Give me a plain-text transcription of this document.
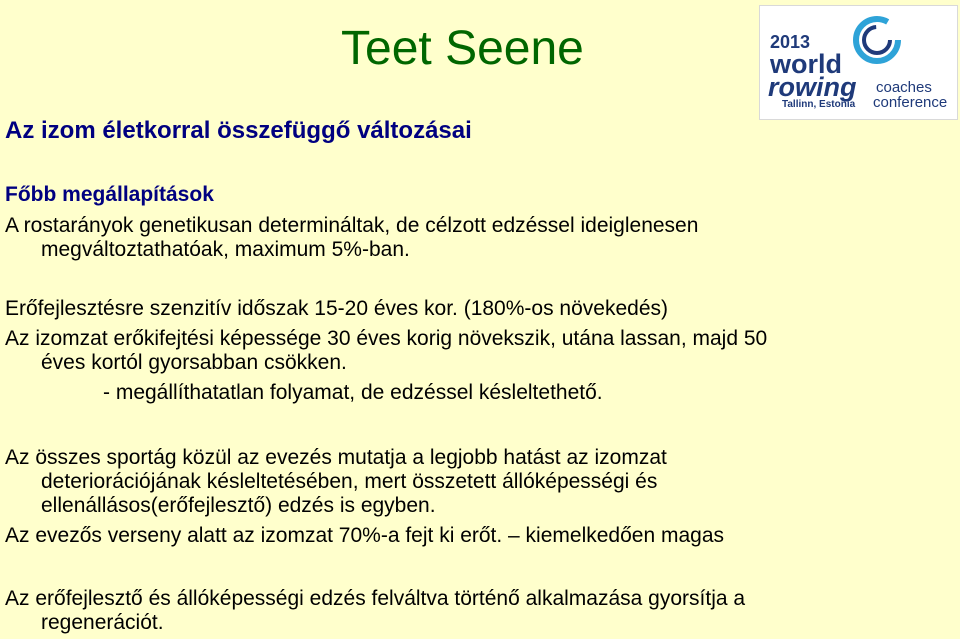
Teet Seene	2013
world
rowing coaches
conference
Tallinn, Estonia
Az izom életkorral összefüggő változásai
Főbb megállapítások
A rostarányok genetikusan determináltak, de célzott edzéssel ideiglenesen
megváltoztathatóak, maximum 5%-ban.
Erőfejlesztésre szenzitív időszak 15-20 éves kor. (180%-os növekedés)
Az izomzat erőkifejtési képessége 30 éves korig növekszik, utána lassan, majd 50
éves kortól gyorsabban csökken.
- megállíthatatlan folyamat, de edzéssel késleltethető.
Az összes sportág közül az evezés mutatja a legjobb hatást az izomzat
deteriorációjának késleltetésében, mert összetett állóképességi és
ellenállásos(erőfejlesztő) edzés is egyben.
Az evezős verseny alatt az izomzat 70%-a fejt ki erőt. – kiemelkedően magas
Az erőfejlesztő és állóképességi edzés felváltva történő alkalmazása gyorsítja a
regenerációt.
